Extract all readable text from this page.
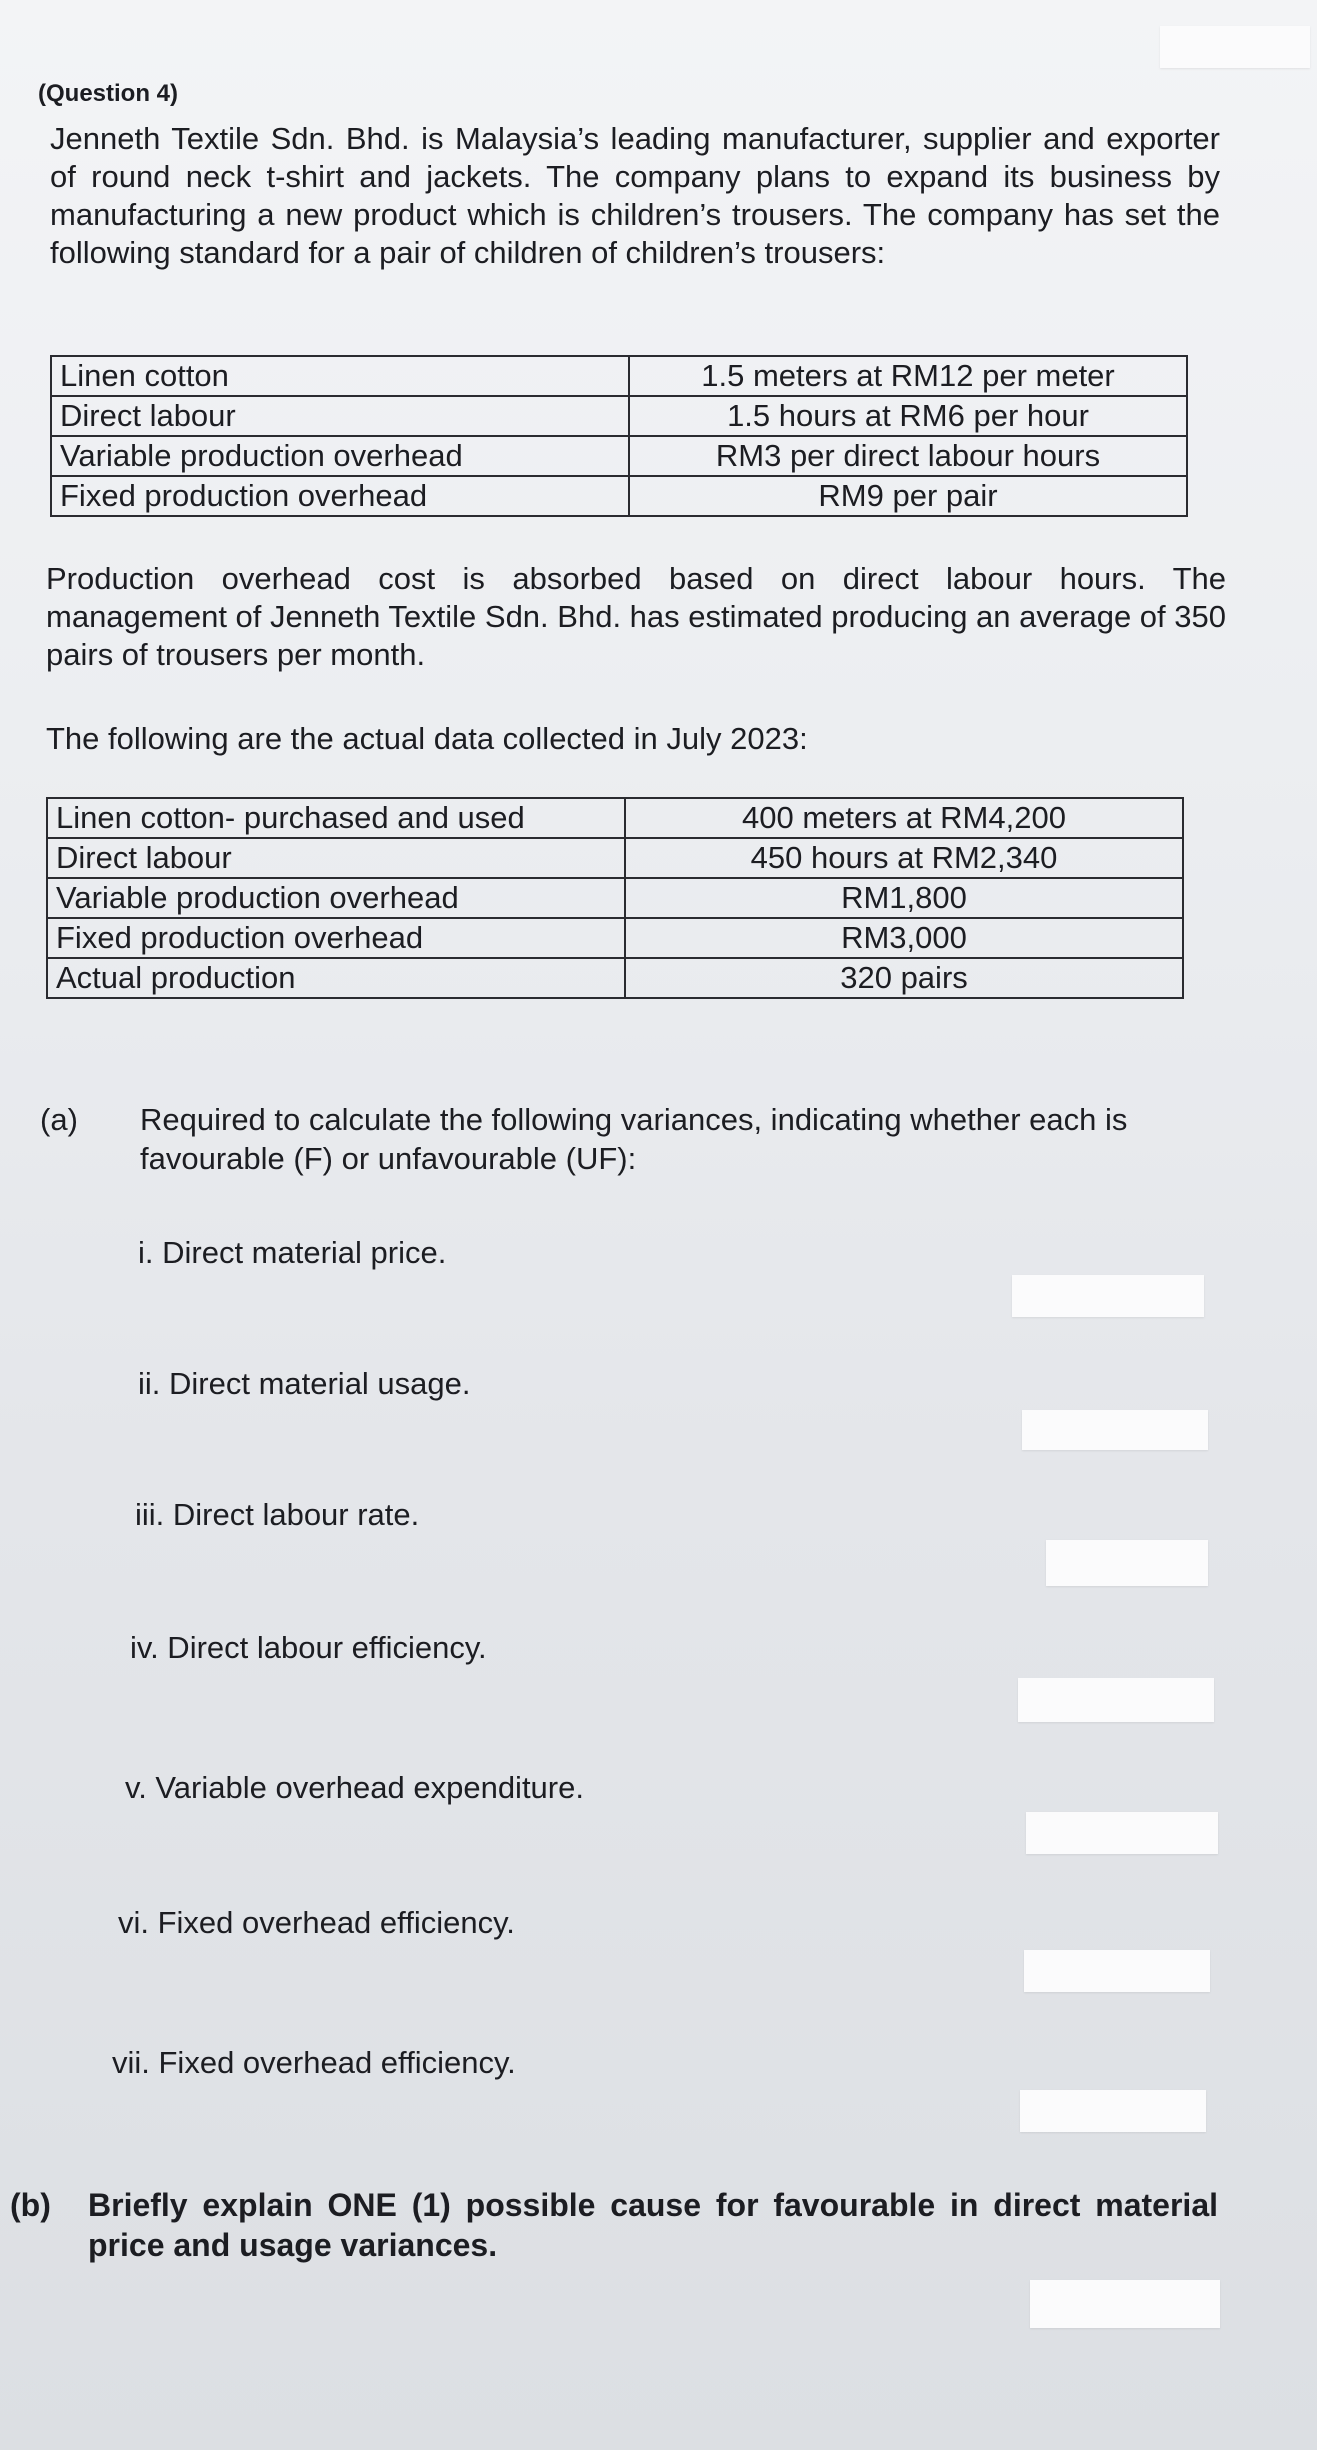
(Question 4)
Jenneth Textile Sdn. Bhd. is Malaysia’s leading manufacturer, supplier and exporter of round neck t-shirt and jackets. The company plans to expand its business by manufacturing a new product which is children’s trousers. The company has set the following standard for a pair of children of children’s trousers:
Linen cotton	1.5 meters at RM12 per meter
Direct labour	1.5 hours at RM6 per hour
Variable production overhead	RM3 per direct labour hours
Fixed production overhead	RM9 per pair
Production overhead cost is absorbed based on direct labour hours. The management of Jenneth Textile Sdn. Bhd. has estimated producing an average of 350 pairs of trousers per month.
The following are the actual data collected in July 2023:
Linen cotton- purchased and used	400 meters at RM4,200
Direct labour	450 hours at RM2,340
Variable production overhead	RM1,800
Fixed production overhead	RM3,000
Actual production	320 pairs
(a) Required to calculate the following variances, indicating whether each is favourable (F) or unfavourable (UF):
i. Direct material price.
ii. Direct material usage.
iii. Direct labour rate.
iv. Direct labour efficiency.
v. Variable overhead expenditure.
vi. Fixed overhead efficiency.
vii. Fixed overhead efficiency.
(b) Briefly explain ONE (1) possible cause for favourable in direct material price and usage variances.
